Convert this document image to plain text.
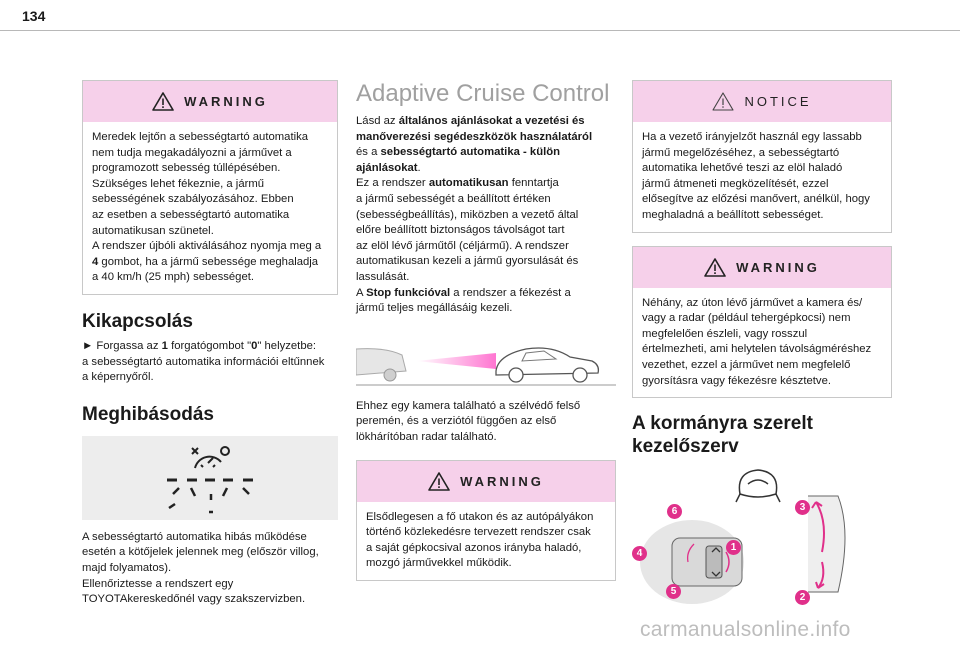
134
WARNING
Meredek lejtőn a sebességtartó automatika
nem tudja megakadályozni a járművet a
programozott sebesség túllépésében.
Szükséges lehet fékeznie, a jármű
sebességének szabályozásához. Ebben
az esetben a sebességtartó automatika
automatikusan szünetel.
A rendszer újbóli aktiválásához nyomja meg a
4 gombot, ha a jármű sebessége meghaladja
a 40 km/h (25 mph) sebességet.
Kikapcsolás
► Forgassa az 1 forgatógombot "0" helyzetbe:
a sebességtartó automatika információi eltűnnek
a képernyőről.
Meghibásodás
A sebességtartó automatika hibás működése
esetén a kötőjelek jelennek meg (először villog,
majd folyamatos).
Ellenőriztesse a rendszert egy
TOYOTAkereskedőnél vagy szakszervizben.
Adaptive Cruise Control
Lásd az általános ajánlásokat a vezetési és
manőverezési segédeszközök használatáról
és a sebességtartó automatika - külön
ajánlásokat.
Ez a rendszer automatikusan fenntartja
a jármű sebességét a beállított értéken
(sebességbeállítás), miközben a vezető által
előre beállított biztonságos távolságot tart
az elöl lévő járműtől (céljármű). A rendszer
automatikusan kezeli a jármű gyorsulását és
lassulását.
A Stop funkcióval a rendszer a fékezést a
jármű teljes megállásáig kezeli.
Ehhez egy kamera található a szélvédő felső
peremén, és a verziótól függően az első
lökhárítóban radar található.
WARNING
Elsődlegesen a fő utakon és az autópályákon
történő közlekedésre tervezett rendszer csak
a saját gépkocsival azonos irányba haladó,
mozgó járművekkel működik.
NOTICE
Ha a vezető irányjelzőt használ egy lassabb
jármű megelőzéséhez, a sebességtartó
automatika lehetővé teszi az elöl haladó
jármű átmeneti megközelítését, ezzel
elősegítve az előzési manővert, anélkül, hogy
meghaladná a beállított sebességet.
WARNING
Néhány, az úton lévő járművet a kamera és/
vagy a radar (például tehergépkocsi) nem
megfelelően észleli, vagy rosszul
értelmezheti, ami helytelen távolságméréshez
vezethet, ezzel a járművet nem megfelelő
gyorsításra vagy fékezésre késztetve.
A kormányra szerelt
kezelőszerv
6
4
5
1
3
2
carmanualsonline.info
